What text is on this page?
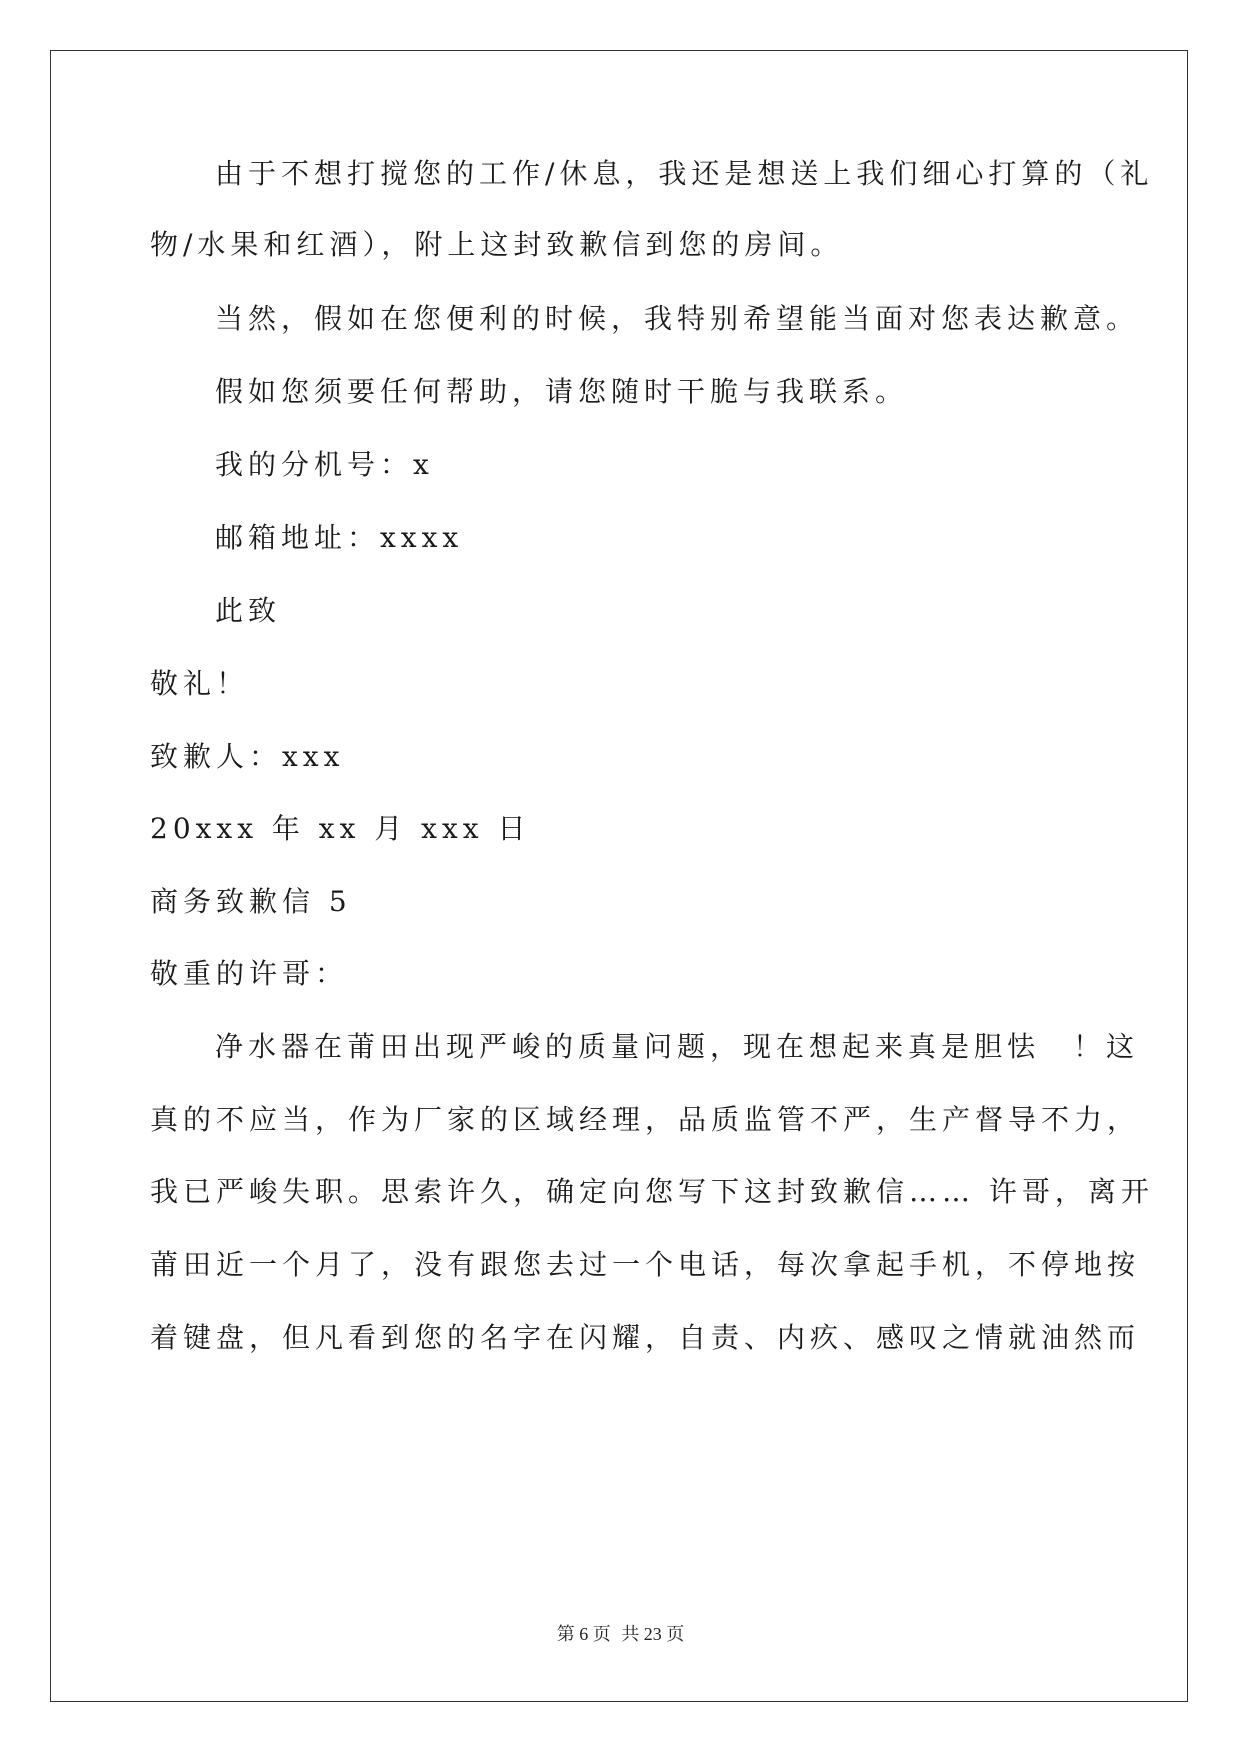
由于不想打搅您的工作/休息，我还是想送上我们细心打算的（礼
物/水果和红酒），附上这封致歉信到您的房间。
当然，假如在您便利的时候，我特别希望能当面对您表达歉意。
假如您须要任何帮助，请您随时干脆与我联系。
我的分机号：x
邮箱地址：xxxx
此致
敬礼！
致歉人：xxx
20xxx 年 xx 月 xxx 日
商务致歉信 5
敬重的许哥：
净水器在莆田出现严峻的质量问题，现在想起来真是胆怯　！这
真的不应当，作为厂家的区域经理，品质监管不严，生产督导不力，
我已严峻失职。思索许久，确定向您写下这封致歉信…… 许哥，离开
莆田近一个月了，没有跟您去过一个电话，每次拿起手机，不停地按
着键盘，但凡看到您的名字在闪耀，自责、内疚、感叹之情就油然而
第 6 页 共 23 页
